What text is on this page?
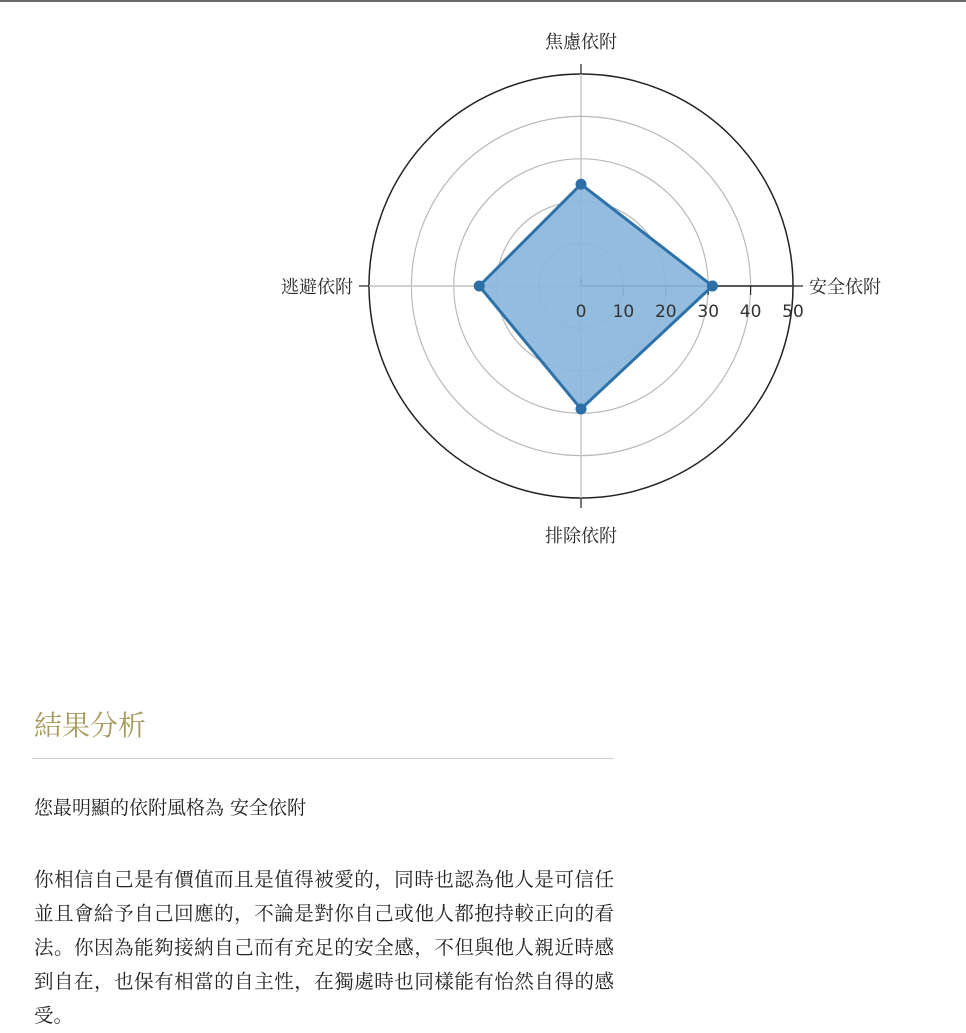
0 10 20 30 40 50
焦慮依附
安全依附
排除依附
逃避依附
結果分析

您最明顯的依附風格為 安全依附

你相信自己是有價值而且是值得被愛的，同時也認為他人是可信任並且會給予自己回應的，不論是對你自己或他人都抱持較正向的看法。你因為能夠接納自己而有充足的安全感，不但與他人親近時感到自在，也保有相當的自主性，在獨處時也同樣能有怡然自得的感受。
